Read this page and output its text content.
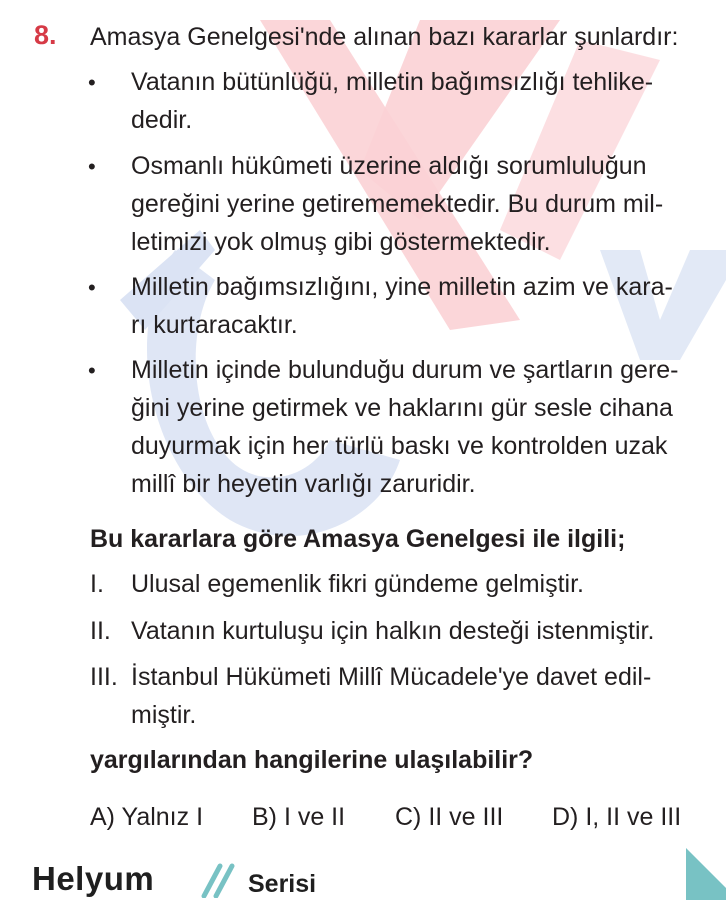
8. Amasya Genelgesi'nde alınan bazı kararlar şunlardır:
• Vatanın bütünlüğü, milletin bağımsızlığı tehlike-
dedir.
• Osmanlı hükûmeti üzerine aldığı sorumluluğun
gereğini yerine getirememektedir. Bu durum mil-
letimizi yok olmuş gibi göstermektedir.
• Milletin bağımsızlığını, yine milletin azim ve kara-
rı kurtaracaktır.
• Milletin içinde bulunduğu durum ve şartların gere-
ğini yerine getirmek ve haklarını gür sesle cihana
duyurmak için her türlü baskı ve kontrolden uzak
millî bir heyetin varlığı zaruridir.
Bu kararlara göre Amasya Genelgesi ile ilgili;
I. Ulusal egemenlik fikri gündeme gelmiştir.
II. Vatanın kurtuluşu için halkın desteği istenmiştir.
III. İstanbul Hükümeti Millî Mücadele'ye davet edil-
miştir.
yargılarından hangilerine ulaşılabilir?
A) Yalnız I B) I ve II C) II ve III D) I, II ve III
Helyum	Serisi
